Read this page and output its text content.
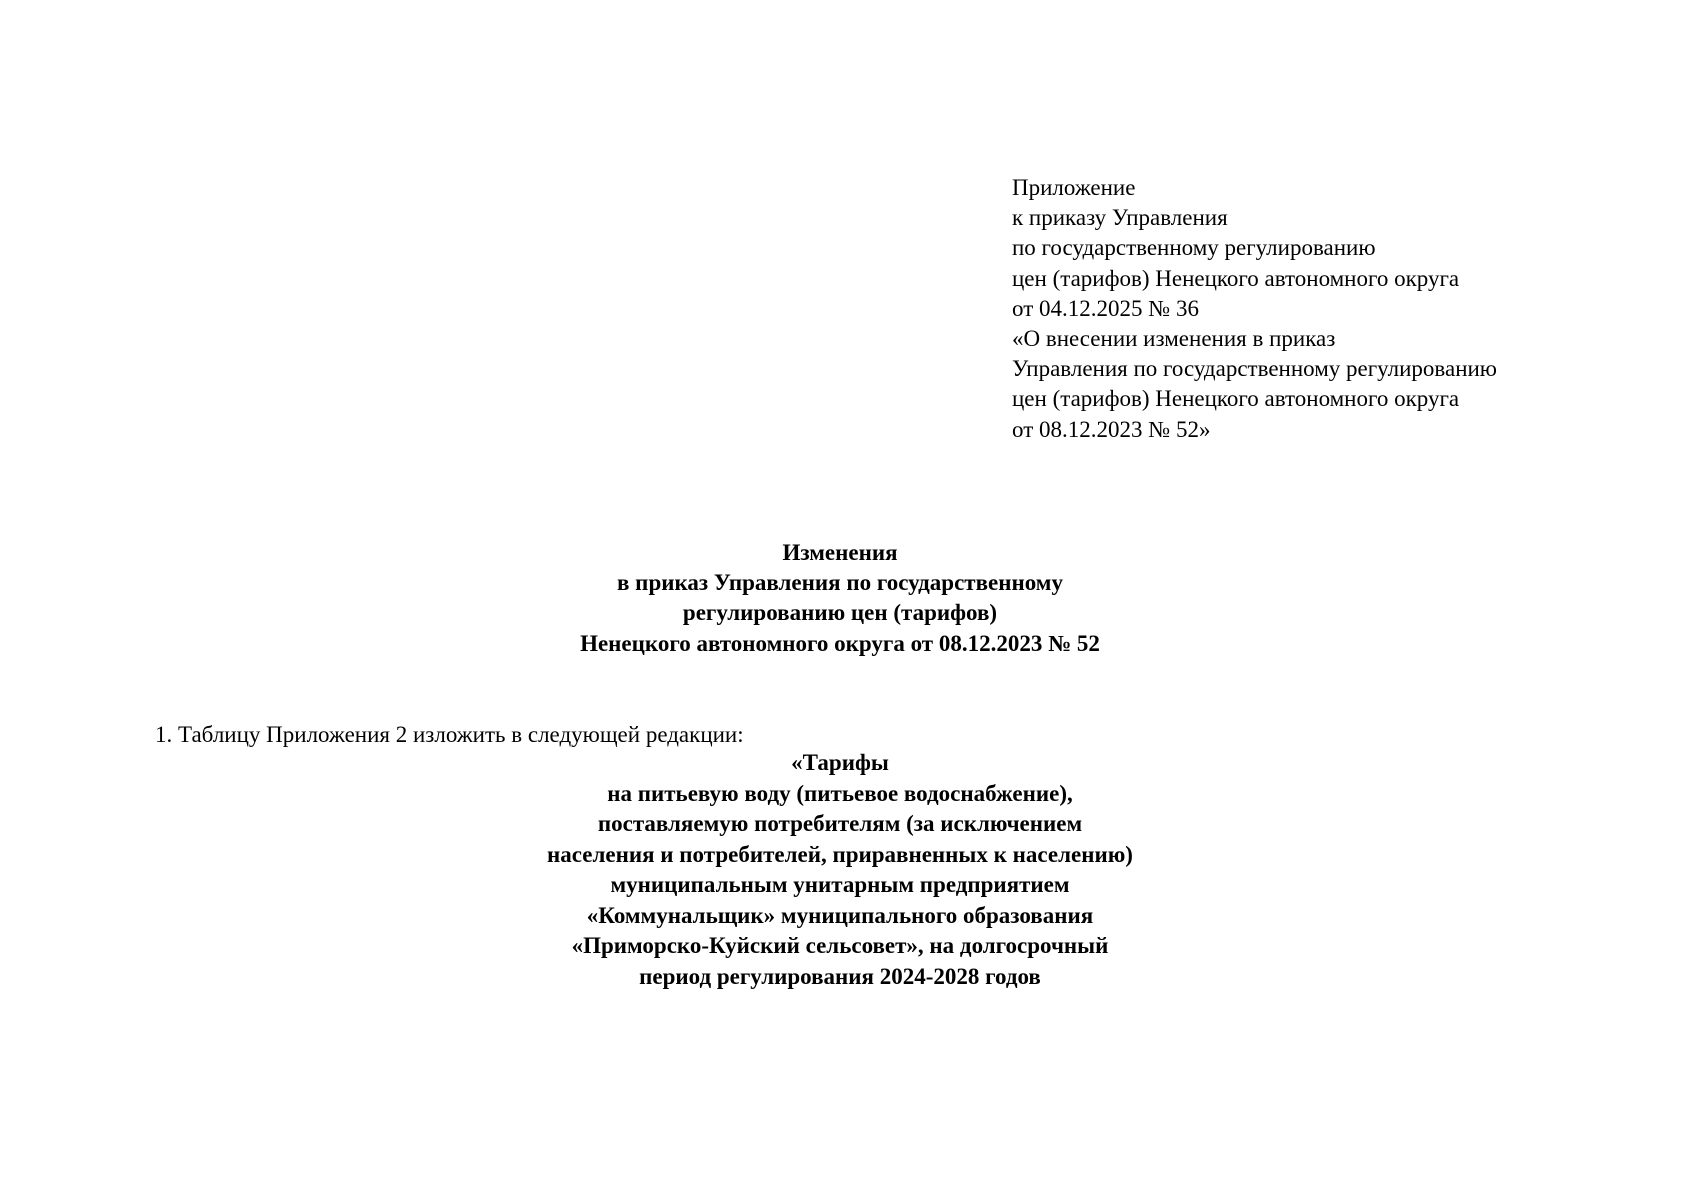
Приложение
к приказу Управления
по государственному регулированию
цен (тарифов) Ненецкого автономного округа
от 04.12.2025 № 36
«О внесении изменения в приказ
Управления по государственному регулированию
цен (тарифов) Ненецкого автономного округа
от 08.12.2023 № 52»
Изменения
в приказ Управления по государственному
регулированию цен (тарифов)
Ненецкого автономного округа от 08.12.2023 № 52
1. Таблицу Приложения 2 изложить в следующей редакции:
«Тарифы
на питьевую воду (питьевое водоснабжение),
поставляемую потребителям (за исключением
населения и потребителей, приравненных к населению)
муниципальным унитарным предприятием
«Коммунальщик» муниципального образования
«Приморско-Куйский сельсовет», на долгосрочный
период регулирования 2024-2028 годов
